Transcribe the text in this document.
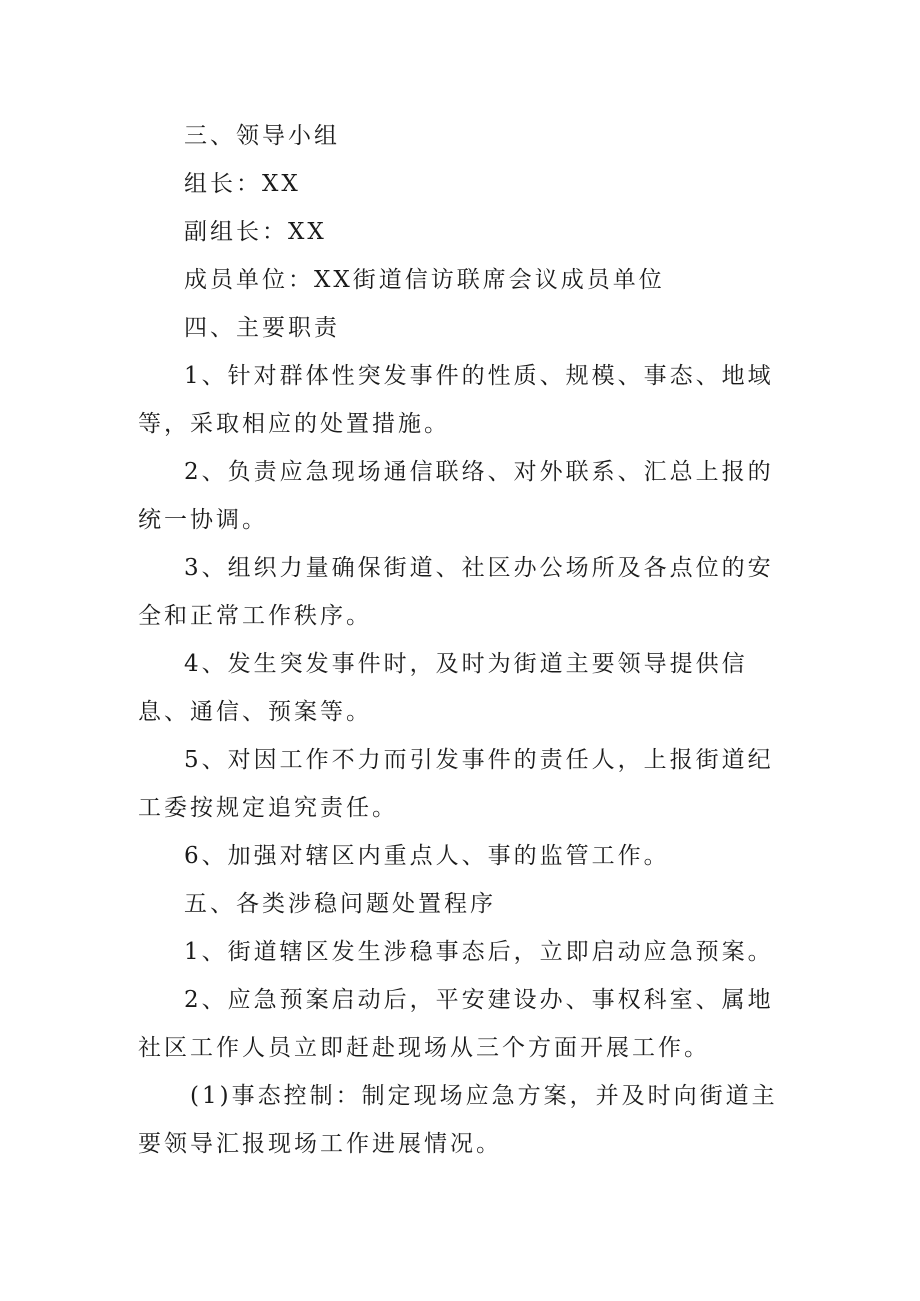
三、领导小组

组长：XX

副组长：XX

成员单位：XX街道信访联席会议成员单位

四、主要职责

1、针对群体性突发事件的性质、规模、事态、地域等，采取相应的处置措施。

2、负责应急现场通信联络、对外联系、汇总上报的统一协调。

3、组织力量确保街道、社区办公场所及各点位的安全和正常工作秩序。

4、发生突发事件时，及时为街道主要领导提供信息、通信、预案等。

5、对因工作不力而引发事件的责任人，上报街道纪工委按规定追究责任。

6、加强对辖区内重点人、事的监管工作。

五、各类涉稳问题处置程序

1、街道辖区发生涉稳事态后，立即启动应急预案。

2、应急预案启动后，平安建设办、事权科室、属地社区工作人员立即赶赴现场从三个方面开展工作。

(1)事态控制：制定现场应急方案，并及时向街道主要领导汇报现场工作进展情况。
